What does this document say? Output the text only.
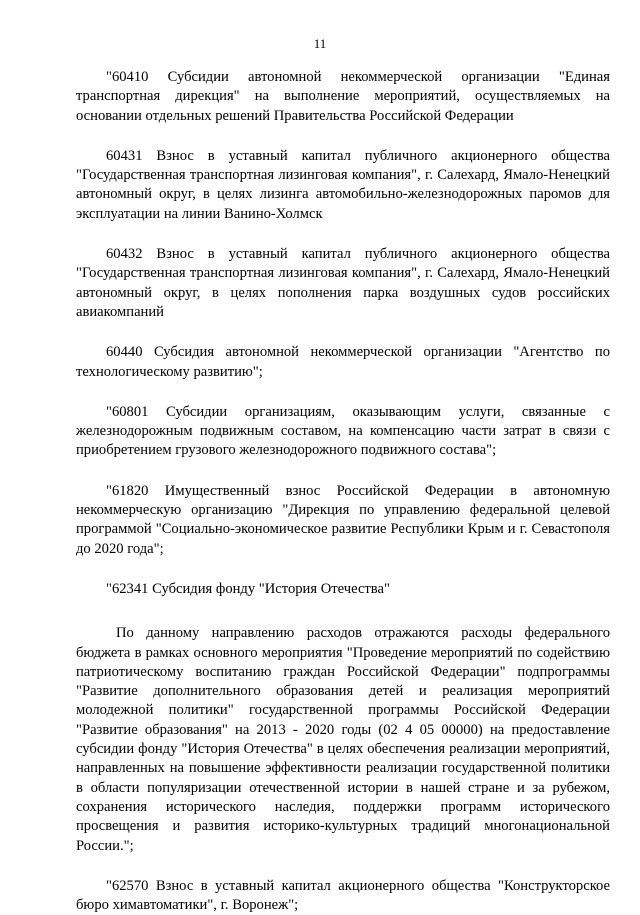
11

"60410 Субсидии автономной некоммерческой организации "Единая транспортная дирекция" на выполнение мероприятий, осуществляемых на основании отдельных решений Правительства Российской Федерации

60431 Взнос в уставный капитал публичного акционерного общества "Государственная транспортная лизинговая компания", г. Салехард, Ямало-Ненецкий автономный округ, в целях лизинга автомобильно-железнодорожных паромов для эксплуатации на линии Ванино-Холмск

60432 Взнос в уставный капитал публичного акционерного общества "Государственная транспортная лизинговая компания", г. Салехард, Ямало-Ненецкий автономный округ, в целях пополнения парка воздушных судов российских авиакомпаний

60440 Субсидия автономной некоммерческой организации "Агентство по технологическому развитию";

"60801 Субсидии организациям, оказывающим услуги, связанные с железнодорожным подвижным составом, на компенсацию части затрат в связи с приобретением грузового железнодорожного подвижного состава";

"61820 Имущественный взнос Российской Федерации в автономную некоммерческую организацию "Дирекция по управлению федеральной целевой программой "Социально-экономическое развитие Республики Крым и г. Севастополя до 2020 года";

"62341 Субсидия фонду "История Отечества"

По данному направлению расходов отражаются расходы федерального бюджета в рамках основного мероприятия "Проведение мероприятий по содействию патриотическому воспитанию граждан Российской Федерации" подпрограммы "Развитие дополнительного образования детей и реализация мероприятий молодежной политики" государственной программы Российской Федерации "Развитие образования" на 2013 - 2020 годы (02 4 05 00000) на предоставление субсидии фонду "История Отечества" в целях обеспечения реализации мероприятий, направленных на повышение эффективности реализации государственной политики в области популяризации отечественной истории в нашей стране и за рубежом, сохранения исторического наследия, поддержки программ исторического просвещения и развития историко-культурных традиций многонациональной России.";

"62570 Взнос в уставный капитал акционерного общества "Конструкторское бюро химавтоматики", г. Воронеж";
